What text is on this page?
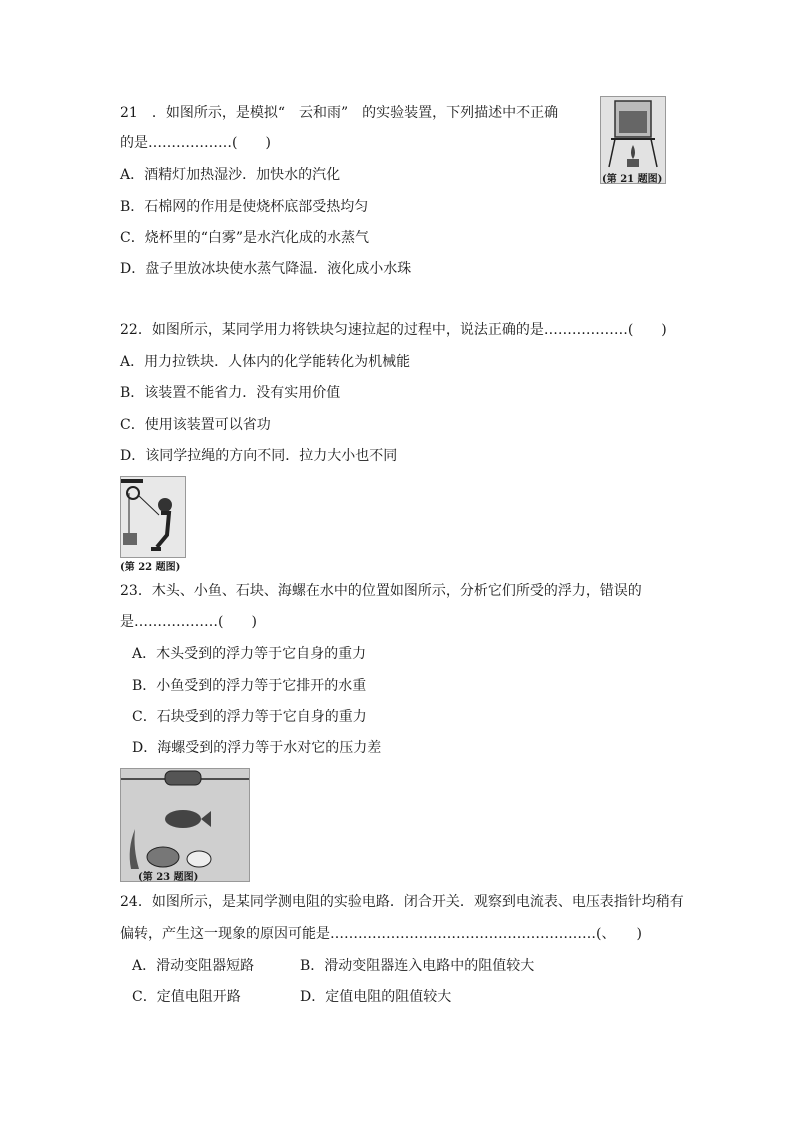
21　．如图所示，是模拟“　云和雨”　的实验装置，下列描述中不正确
的是………………(　　)
A．酒精灯加热湿沙．加快水的汽化
B．石棉网的作用是使烧杯底部受热均匀
C．烧杯里的“白雾”是水汽化成的水蒸气
D．盘子里放冰块使水蒸气降温．液化成小水珠
(第 21 题图)
22．如图所示，某同学用力将铁块匀速拉起的过程中，说法正确的是………………(　　)
A．用力拉铁块．人体内的化学能转化为机械能
B．该装置不能省力．没有实用价值
C．使用该装置可以省功
D．该同学拉绳的方向不同．拉力大小也不同
(第 22 题图)
23．木头、小鱼、石块、海螺在水中的位置如图所示，分析它们所受的浮力，错误的
是………………(　　)
A．木头受到的浮力等于它自身的重力
B．小鱼受到的浮力等于它排开的水重
C．石块受到的浮力等于它自身的重力
D．海螺受到的浮力等于水对它的压力差
(第 23 题图)
24．如图所示，是某同学测电阻的实验电路．闭合开关．观察到电流表、电压表指针均稍有
偏转，产生这一现象的原因可能是…………………………………………………(、　　)
A．滑动变阻器短路	B．滑动变阻器连入电路中的阻值较大
C．定值电阻开路	D．定值电阻的阻值较大
